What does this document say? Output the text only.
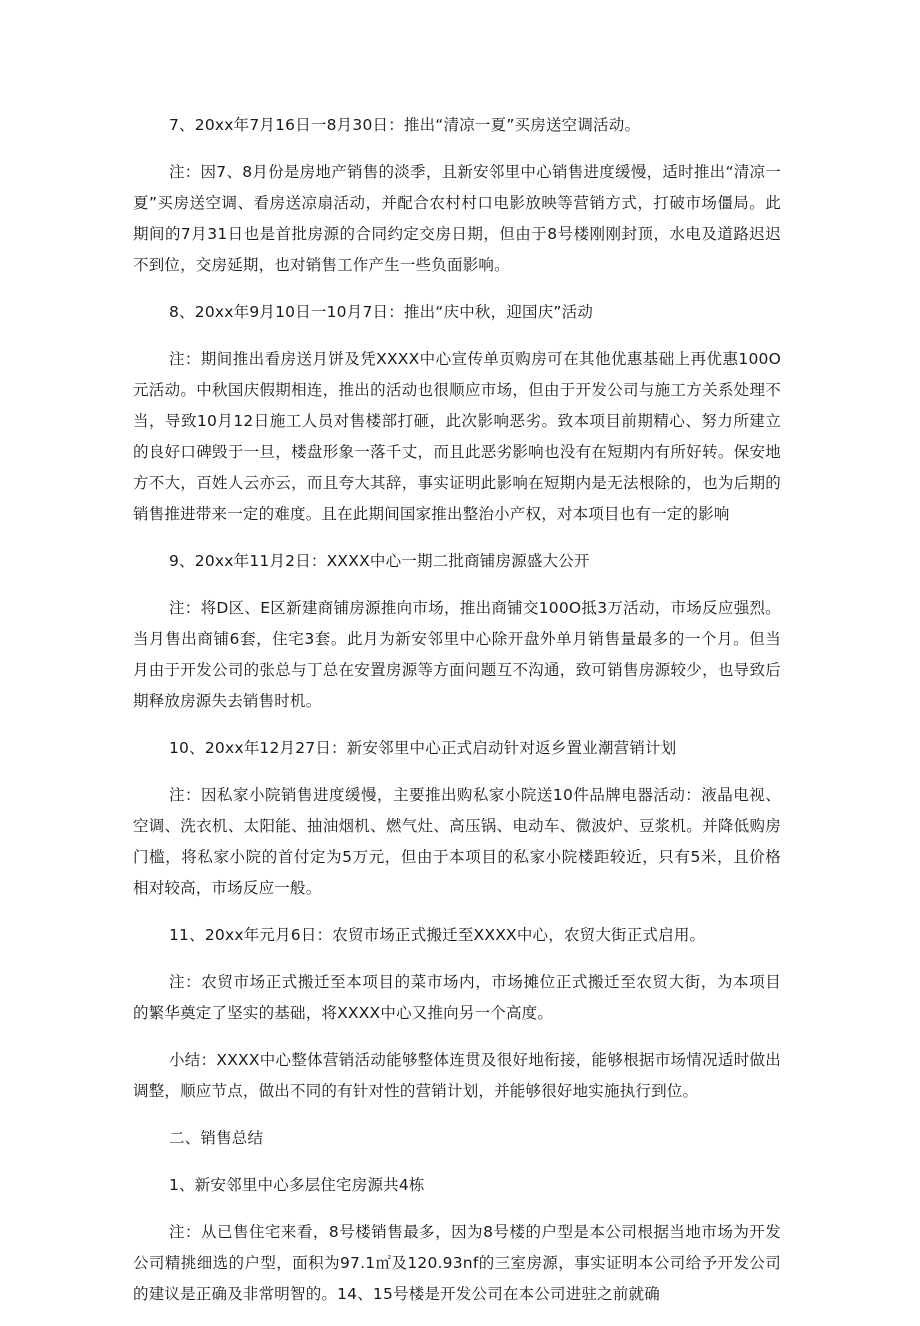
7、20xx年7月16日一8月30日：推出“清凉一夏”买房送空调活动。

注：因7、8月份是房地产销售的淡季，且新安邻里中心销售进度缓慢，适时推出“清凉一夏”买房送空调、看房送凉扇活动，并配合农村村口电影放映等营销方式，打破市场僵局。此期间的7月31日也是首批房源的合同约定交房日期，但由于8号楼刚刚封顶，水电及道路迟迟不到位，交房延期，也对销售工作产生一些负面影响。

8、20xx年9月10日一10月7日：推出“庆中秋，迎国庆”活动

注：期间推出看房送月饼及凭XXXX中心宣传单页购房可在其他优惠基础上再优惠100O元活动。中秋国庆假期相连，推出的活动也很顺应市场，但由于开发公司与施工方关系处理不当，导致10月12日施工人员对售楼部打砸，此次影响恶劣。致本项目前期精心、努力所建立的良好口碑毁于一旦，楼盘形象一落千丈，而且此恶劣影响也没有在短期内有所好转。保安地方不大，百姓人云亦云，而且夸大其辞，事实证明此影响在短期内是无法根除的，也为后期的销售推进带来一定的难度。且在此期间国家推出整治小产权，对本项目也有一定的影响

9、20xx年11月2日：XXXX中心一期二批商铺房源盛大公开

注：将D区、E区新建商铺房源推向市场，推出商铺交100O抵3万活动，市场反应强烈。当月售出商铺6套，住宅3套。此月为新安邻里中心除开盘外单月销售量最多的一个月。但当月由于开发公司的张总与丁总在安置房源等方面问题互不沟通，致可销售房源较少，也导致后期释放房源失去销售时机。

10、20xx年12月27日：新安邻里中心正式启动针对返乡置业潮营销计划

注：因私家小院销售进度缓慢，主要推出购私家小院送10件品牌电器活动：液晶电视、空调、洗衣机、太阳能、抽油烟机、燃气灶、高压锅、电动车、微波炉、豆浆机。并降低购房门槛，将私家小院的首付定为5万元，但由于本项目的私家小院楼距较近，只有5米，且价格相对较高，市场反应一般。

11、20xx年元月6日：农贸市场正式搬迁至XXXX中心，农贸大街正式启用。

注：农贸市场正式搬迁至本项目的菜市场内，市场摊位正式搬迁至农贸大街，为本项目的繁华奠定了坚实的基础，将XXXX中心又推向另一个高度。

小结：XXXX中心整体营销活动能够整体连贯及很好地衔接，能够根据市场情况适时做出调整，顺应节点，做出不同的有针对性的营销计划，并能够很好地实施执行到位。

二、销售总结

1、新安邻里中心多层住宅房源共4栋

注：从已售住宅来看，8号楼销售最多，因为8号楼的户型是本公司根据当地市场为开发公司精挑细选的户型，面积为97.1㎡及120.93nf的三室房源，事实证明本公司给予开发公司的建议是正确及非常明智的。14、15号楼是开发公司在本公司进驻之前就确
